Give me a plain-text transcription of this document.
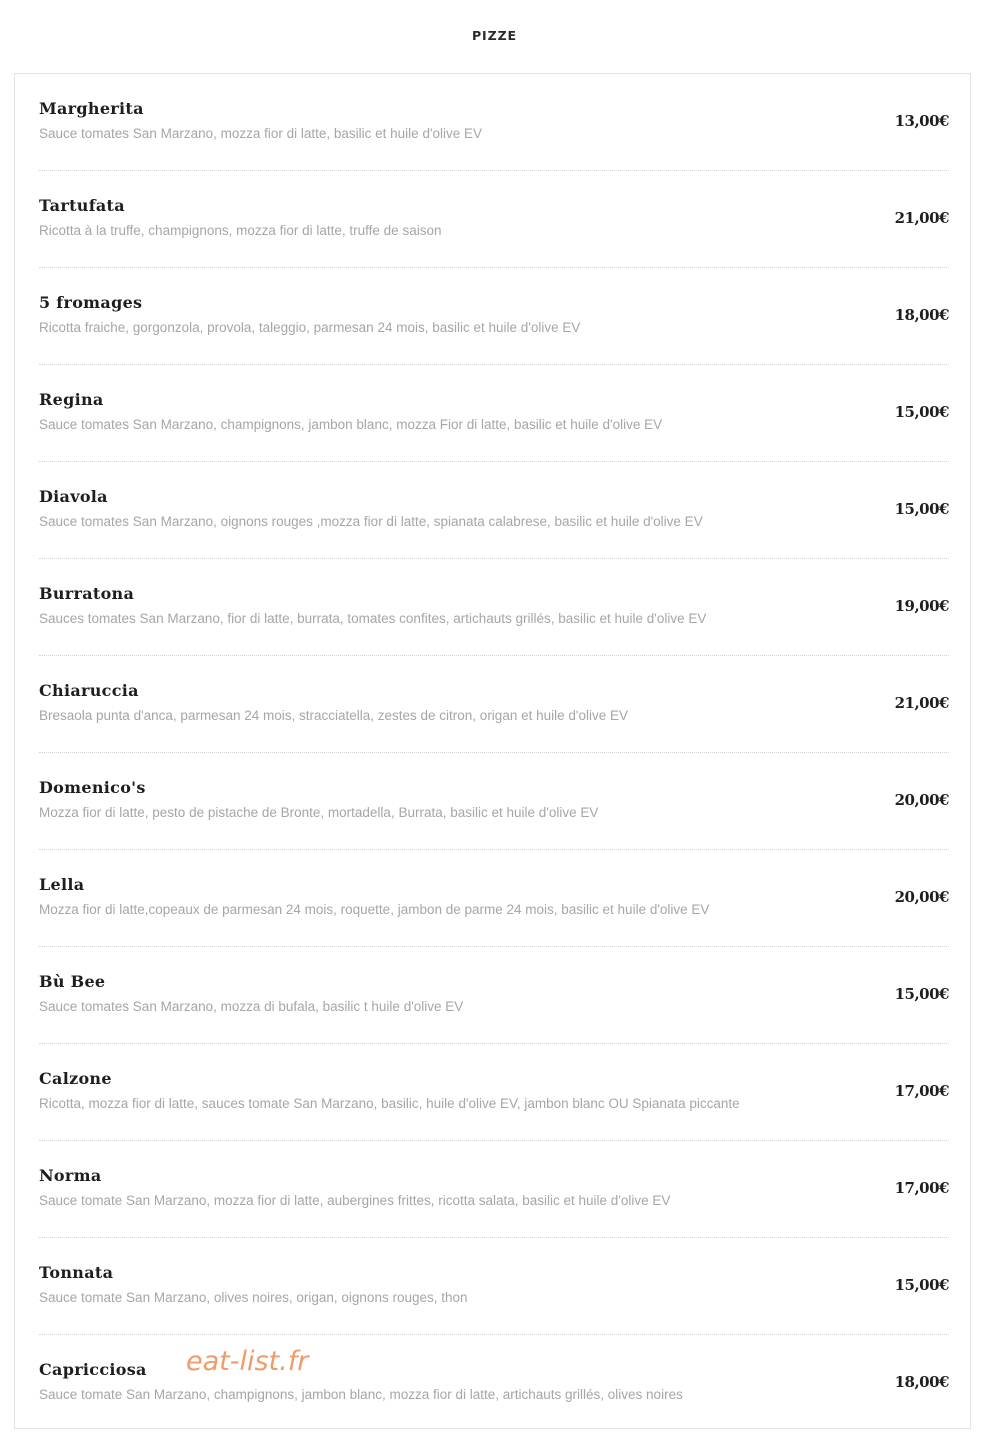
PIZZE
Margherita
Sauce tomates San Marzano, mozza fior di latte, basilic et huile d'olive EV
13,00€
Tartufata
Ricotta à la truffe, champignons, mozza fior di latte, truffe de saison
21,00€
5 fromages
Ricotta fraiche, gorgonzola, provola, taleggio, parmesan 24 mois, basilic et huile d'olive EV
18,00€
Regina
Sauce tomates San Marzano, champignons, jambon blanc, mozza Fior di latte, basilic et huile d'olive EV
15,00€
Diavola
Sauce tomates San Marzano, oignons rouges ,mozza fior di latte, spianata calabrese, basilic et huile d'olive EV
15,00€
Burratona
Sauces tomates San Marzano, fior di latte, burrata, tomates confites, artichauts grillés, basilic et huile d'olive EV
19,00€
Chiaruccia
Bresaola punta d'anca, parmesan 24 mois, stracciatella, zestes de citron, origan et huile d'olive EV
21,00€
Domenico's
Mozza fior di latte, pesto de pistache de Bronte, mortadella, Burrata, basilic et huile d'olive EV
20,00€
Lella
Mozza fior di latte,copeaux de parmesan 24 mois, roquette, jambon de parme 24 mois, basilic et huile d'olive EV
20,00€
Bù Bee
Sauce tomates San Marzano, mozza di bufala, basilic t huile d'olive EV
15,00€
Calzone
Ricotta, mozza fior di latte, sauces tomate San Marzano, basilic, huile d'olive EV, jambon blanc OU Spianata piccante
17,00€
Norma
Sauce tomate San Marzano, mozza fior di latte, aubergines frittes, ricotta salata, basilic et huile d'olive EV
17,00€
Tonnata
Sauce tomate San Marzano, olives noires, origan, oignons rouges, thon
15,00€
Capricciosa
Sauce tomate San Marzano, champignons, jambon blanc, mozza fior di latte, artichauts grillés, olives noires
18,00€
eat-list.fr
